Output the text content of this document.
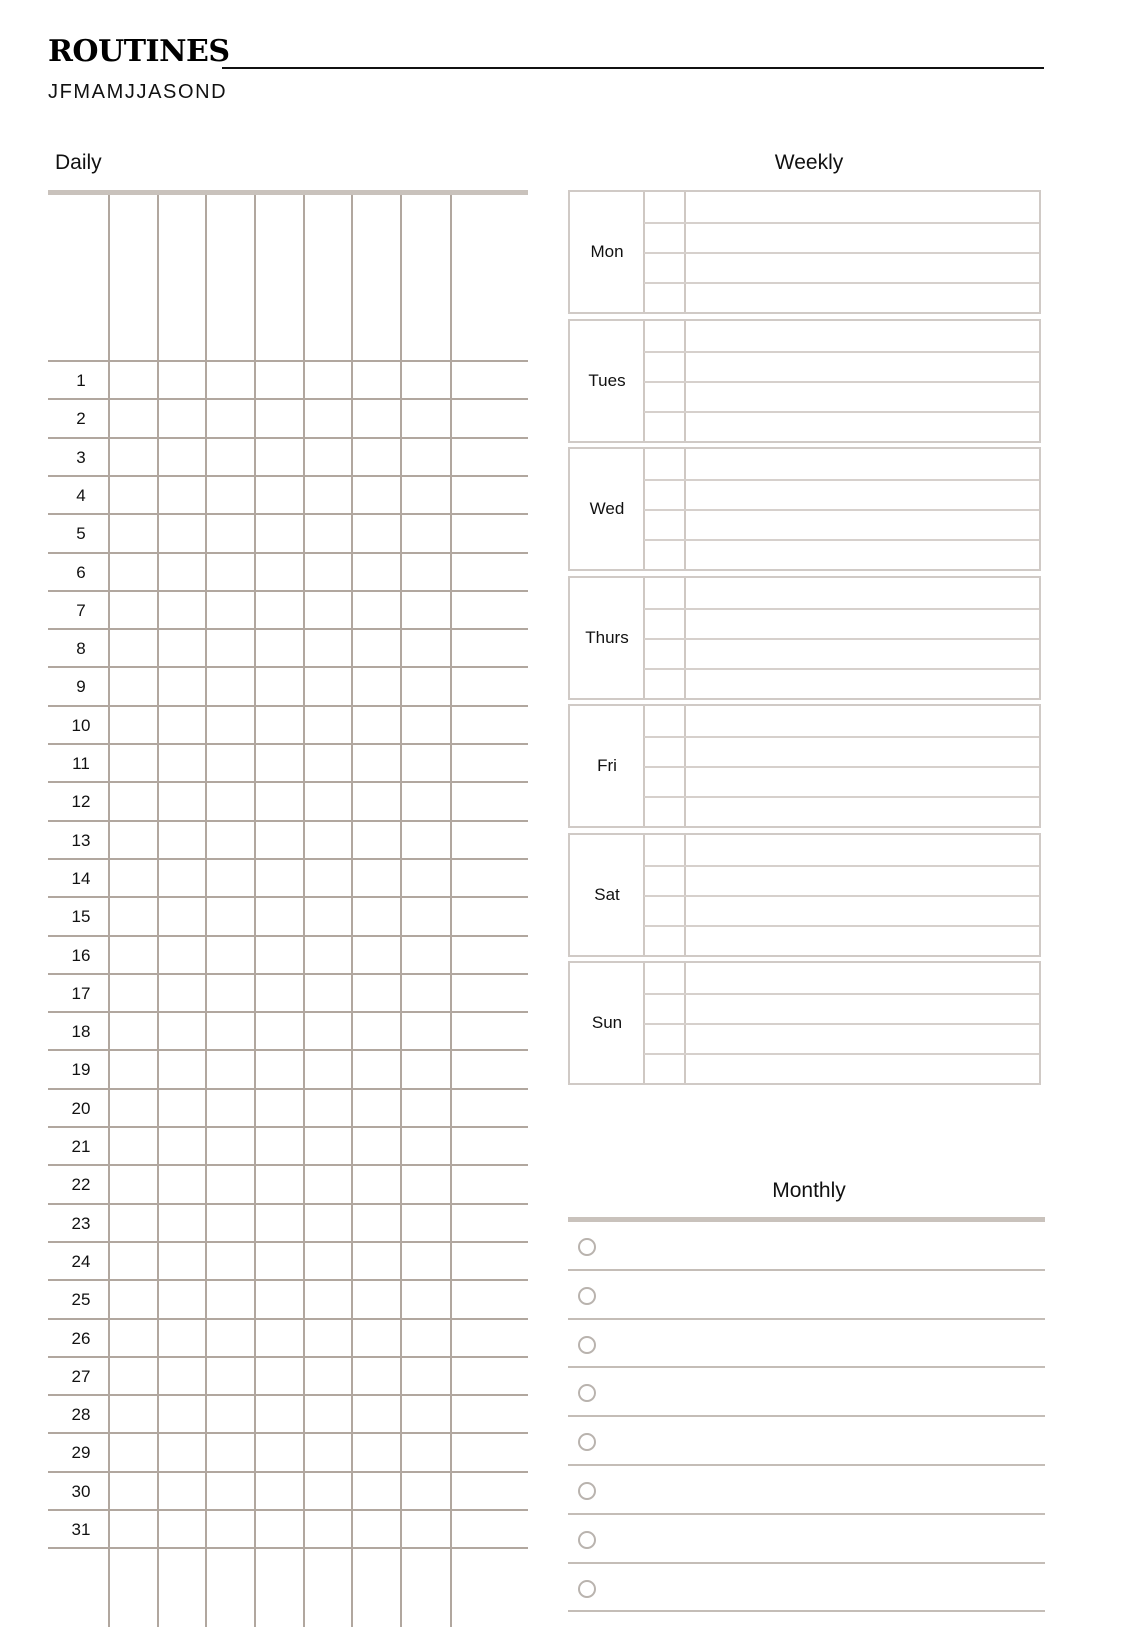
ROUTINES
JFMAMJJASOND
Daily	Weekly
Monthly
1
2
3
4
5
6
7
8
9
10
11
12
13
14
15
16
17
18
19
20
21
22
23
24
25
26
27
28
29
30
31
Mon
Tues
Wed
Thurs
Fri
Sat
Sun
